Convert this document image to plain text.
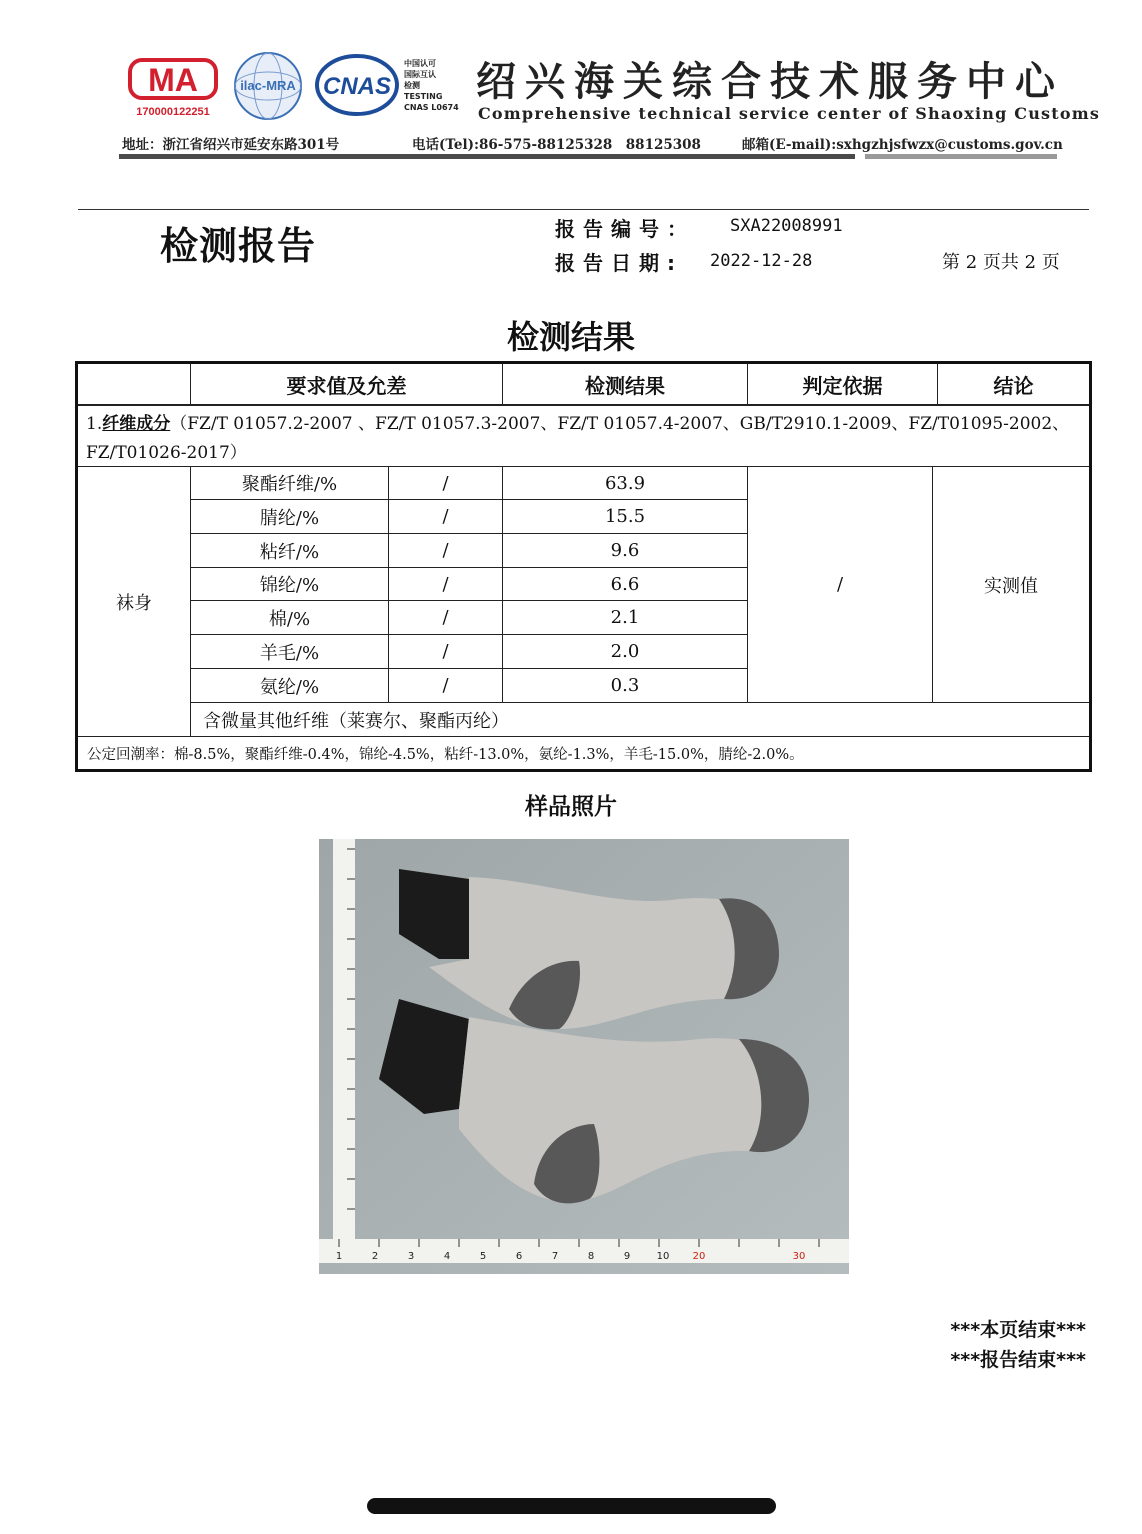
MA
170000122251
ilac-MRA CNAS
中国认可
国际互认
检测
TESTING
CNAS L0674
绍兴海关综合技术服务中心
Comprehensive technical service center of Shaoxing Customs
地址：浙江省绍兴市延安东路301号	电话(Tel):86-575-88125328　88125308	邮箱(E-mail):sxhgzhjsfwzx@customs.gov.cn
检测报告	报告编号： SXA22008991
报告日期: 2022-12-28	第 2 页共 2 页
检测结果
要求值及允差	检测结果	判定依据	结论
1.纤维成分（FZ/T 01057.2-2007 、FZ/T 01057.3-2007、FZ/T 01057.4-2007、GB/T2910.1-2009、FZ/T01095-2002、
FZ/T01026-2017）
袜身
聚酯纤维/%	/	63.9
腈纶/%	/	15.5
粘纤/%	/	9.6
锦纶/%	/	6.6
棉/%	/	2.1
羊毛/%	/	2.0
氨纶/%	/	0.3
/	实测值
含微量其他纤维（莱赛尔、聚酯丙纶）
公定回潮率：棉-8.5%，聚酯纤维-0.4%，锦纶-4.5%，粘纤-13.0%，氨纶-1.3%，羊毛-15.0%，腈纶-2.0%。
样品照片
1	2	3	4	5	6	7	8	9	10 20	30
***本页结束***
***报告结束***
